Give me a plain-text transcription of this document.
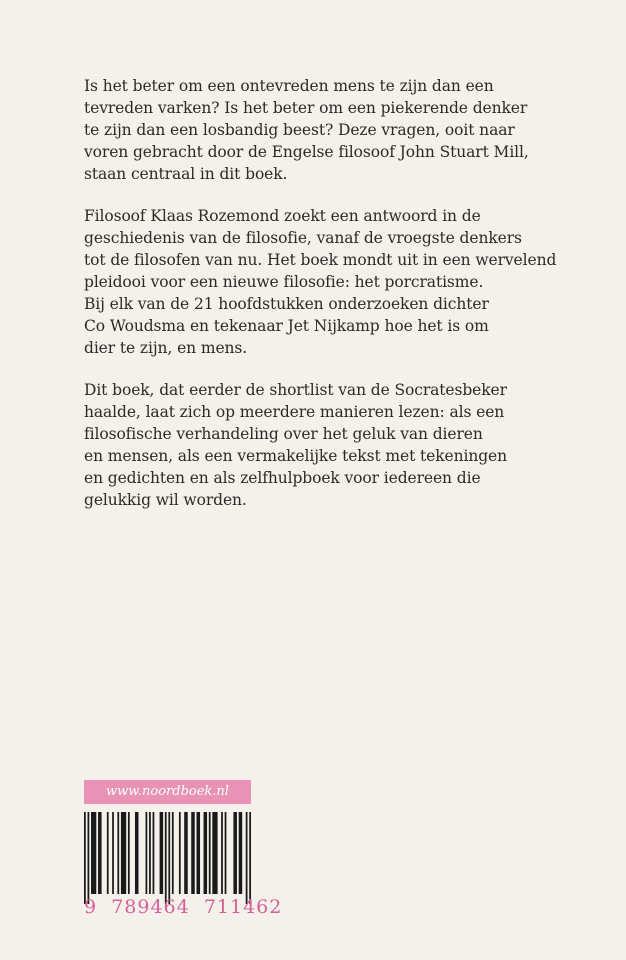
Is het beter om een ontevreden mens te zijn dan een
tevreden varken? Is het beter om een piekerende denker
te zijn dan een losbandig beest? Deze vragen, ooit naar
voren gebracht door de Engelse filosoof John Stuart Mill,
staan centraal in dit boek.

Filosoof Klaas Rozemond zoekt een antwoord in de
geschiedenis van de filosofie, vanaf de vroegste denkers
tot de filosofen van nu. Het boek mondt uit in een wervelend
pleidooi voor een nieuwe filosofie: het porcratisme.
Bij elk van de 21 hoofdstukken onderzoeken dichter
Co Woudsma en tekenaar Jet Nijkamp hoe het is om
dier te zijn, en mens.

Dit boek, dat eerder de shortlist van de Socratesbeker
haalde, laat zich op meerdere manieren lezen: als een
filosofische verhandeling over het geluk van dieren
en mensen, als een vermakelijke tekst met tekeningen
en gedichten en als zelfhulpboek voor iedereen die
gelukkig wil worden.

www.noordboek.nl
9 789464 711462
